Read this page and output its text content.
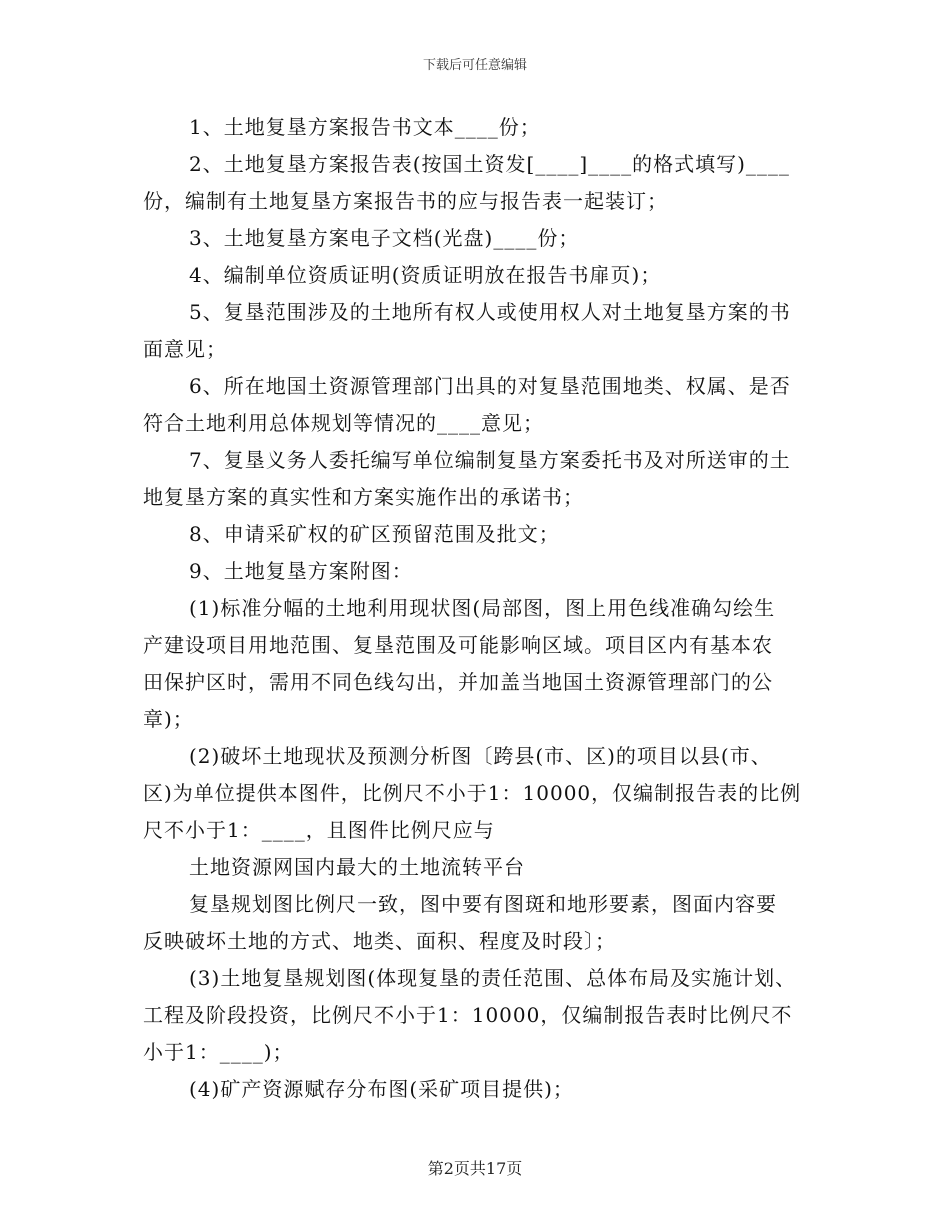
下载后可任意编辑
1、土地复垦方案报告书文本____份；
2、土地复垦方案报告表(按国土资发[____]____的格式填写)____
份，编制有土地复垦方案报告书的应与报告表一起装订；
3、土地复垦方案电子文档(光盘)____份；
4、编制单位资质证明(资质证明放在报告书扉页)；
5、复垦范围涉及的土地所有权人或使用权人对土地复垦方案的书
面意见；
6、所在地国土资源管理部门出具的对复垦范围地类、权属、是否
符合土地利用总体规划等情况的____意见；
7、复垦义务人委托编写单位编制复垦方案委托书及对所送审的土
地复垦方案的真实性和方案实施作出的承诺书；
8、申请采矿权的矿区预留范围及批文；
9、土地复垦方案附图：
(1)标准分幅的土地利用现状图(局部图，图上用色线准确勾绘生
产建设项目用地范围、复垦范围及可能影响区域。项目区内有基本农
田保护区时，需用不同色线勾出，并加盖当地国土资源管理部门的公
章)；
(2)破坏土地现状及预测分析图〔跨县(市、区)的项目以县(市、
区)为单位提供本图件，比例尺不小于1：10000，仅编制报告表的比例
尺不小于1：____，且图件比例尺应与
土地资源网国内最大的土地流转平台
复垦规划图比例尺一致，图中要有图斑和地形要素，图面内容要
反映破坏土地的方式、地类、面积、程度及时段〕；
(3)土地复垦规划图(体现复垦的责任范围、总体布局及实施计划、
工程及阶段投资，比例尺不小于1：10000，仅编制报告表时比例尺不
小于1：____)；
(4)矿产资源赋存分布图(采矿项目提供)；
第2页共17页
